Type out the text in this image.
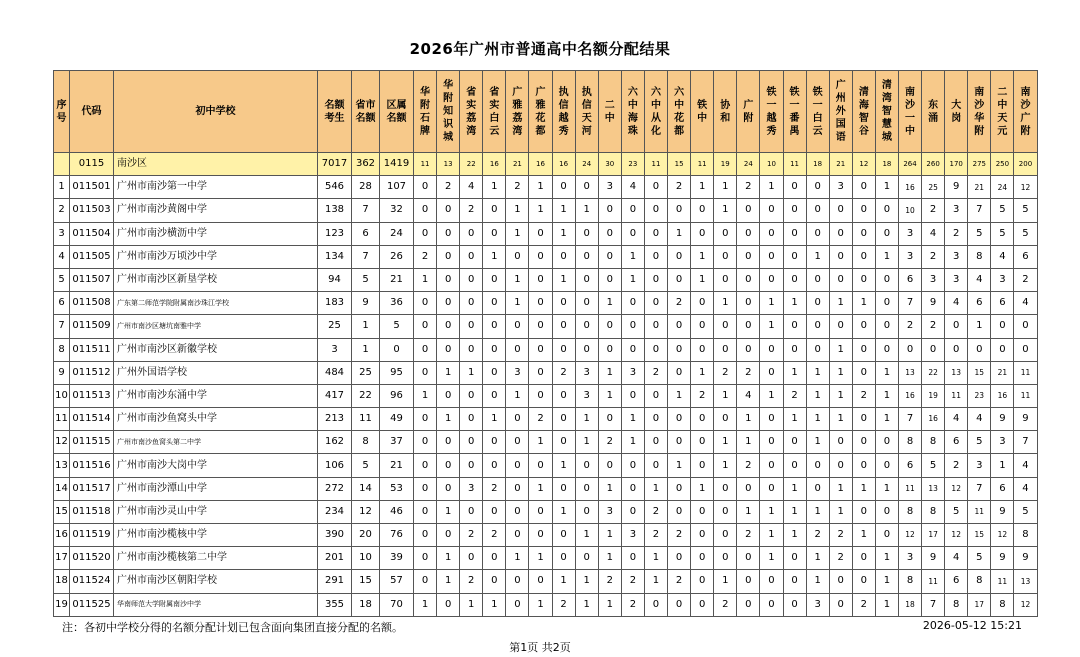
2026年广州市普通高中名额分配结果
序号	代码	初中学校	名额考生	省市名额	区属名额	华附石牌	华附知识城	省实荔湾	省实白云	广雅荔湾	广雅花都	执信越秀	执信天河	二中	六中海珠	六中从化	六中花都	铁中	协和	广附	铁一越秀	铁一番禺	铁一白云	广州外国语	清海智谷	清湾智慧城	南沙一中	东涌	大岗	南沙华附	二中天元	南沙广附
	0115	南沙区	7017	362	1419	11	13	22	16	21	16	16	24	30	23	11	15	11	19	24	10	11	18	21	12	18	264	260	170	275	250	200
1	011501	广州市南沙第一中学	546	28	107	0	2	4	1	2	1	0	0	3	4	0	2	1	1	2	1	0	0	3	0	1	16	25	9	21	24	12
2	011503	广州市南沙黄阁中学	138	7	32	0	0	2	0	1	1	1	1	0	0	0	0	0	1	0	0	0	0	0	0	0	10	2	3	7	5	5
3	011504	广州市南沙横沥中学	123	6	24	0	0	0	0	1	0	1	0	0	0	0	1	0	0	0	0	0	0	0	0	0	3	4	2	5	5	5
4	011505	广州市南沙万顷沙中学	134	7	26	2	0	0	1	0	0	0	0	0	1	0	0	1	0	0	0	0	1	0	0	1	3	2	3	8	4	6
5	011507	广州市南沙区新垦学校	94	5	21	1	0	0	0	1	0	1	0	0	1	0	0	1	0	0	0	0	0	0	0	0	6	3	3	4	3	2
6	011508	广东第二师范学院附属南沙珠江学校	183	9	36	0	0	0	0	1	0	0	0	1	0	0	2	0	1	0	1	1	0	1	1	0	7	9	4	6	6	4
7	011509	广州市南沙区塘坑南雅中学	25	1	5	0	0	0	0	0	0	0	0	0	0	0	0	0	0	0	1	0	0	0	0	0	2	2	0	1	0	0
8	011511	广州市南沙区新徽学校	3	1	0	0	0	0	0	0	0	0	0	0	0	0	0	0	0	0	0	0	0	1	0	0	0	0	0	0	0	0
9	011512	广州外国语学校	484	25	95	0	1	1	0	3	0	2	3	1	3	2	0	1	2	2	0	1	1	1	0	1	13	22	13	15	21	11
10	011513	广州市南沙东涌中学	417	22	96	1	0	0	0	1	0	0	3	1	0	0	1	2	1	4	1	2	1	1	2	1	16	19	11	23	16	11
11	011514	广州市南沙鱼窝头中学	213	11	49	0	1	0	1	0	2	0	1	0	1	0	0	0	0	1	0	1	1	1	0	1	7	16	4	4	9	9
12	011515	广州市南沙鱼窝头第二中学	162	8	37	0	0	0	0	0	1	0	1	2	1	0	0	0	1	1	0	0	1	0	0	0	8	8	6	5	3	7
13	011516	广州市南沙大岗中学	106	5	21	0	0	0	0	0	0	1	0	0	0	0	1	0	1	2	0	0	0	0	0	0	6	5	2	3	1	4
14	011517	广州市南沙潭山中学	272	14	53	0	0	3	2	0	1	0	0	1	0	1	0	1	0	0	0	1	0	1	1	1	11	13	12	7	6	4
15	011518	广州市南沙灵山中学	234	12	46	0	1	0	0	0	0	1	0	3	0	2	0	0	0	1	1	1	1	1	0	0	8	8	5	11	9	5
16	011519	广州市南沙榄核中学	390	20	76	0	0	2	2	0	0	0	1	1	3	2	2	0	0	2	1	1	2	2	1	0	12	17	12	15	12	8
17	011520	广州市南沙榄核第二中学	201	10	39	0	1	0	0	1	1	0	0	1	0	1	0	0	0	0	1	0	1	2	0	1	3	9	4	5	9	9
18	011524	广州市南沙区朝阳学校	291	15	57	0	1	2	0	0	0	1	1	2	2	1	2	0	1	0	0	0	1	0	0	1	8	11	6	8	11	13
19	011525	华南师范大学附属南沙中学	355	18	70	1	0	1	1	0	1	2	1	1	2	0	0	0	2	0	0	0	3	0	2	1	18	7	8	17	8	12
注：各初中学校分得的名额分配计划已包含面向集团直接分配的名额。	2026-05-12 15:21
第1页 共2页
